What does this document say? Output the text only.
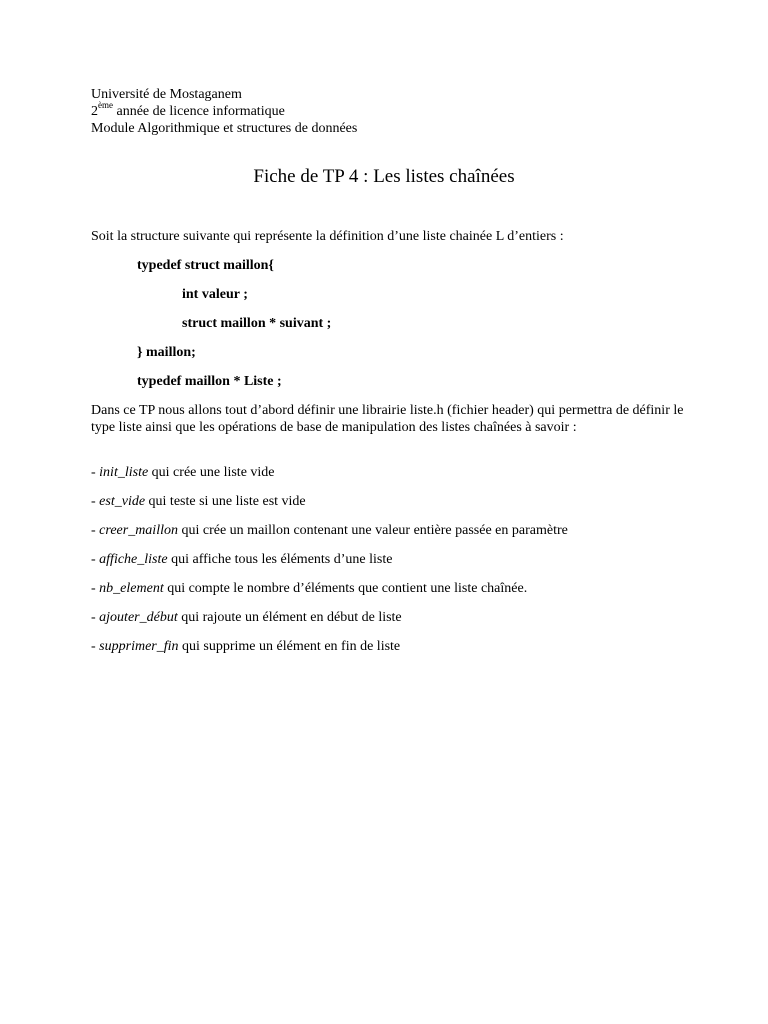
Université de Mostaganem
2ème année de licence informatique
Module Algorithmique et structures de données
Fiche de TP 4 : Les listes chaînées
Soit la structure suivante qui représente la définition d’une liste chainée L d’entiers :
typedef struct maillon{
int valeur ;
struct maillon * suivant ;
} maillon;
typedef maillon * Liste ;
Dans ce TP nous allons tout d’abord définir une librairie liste.h (fichier header) qui permettra de définir le type liste ainsi que les opérations de base de manipulation des listes chaînées à savoir :
- init_liste qui crée une liste vide
- est_vide qui teste si une liste est vide
- creer_maillon qui crée un maillon contenant une valeur entière passée en paramètre
- affiche_liste qui affiche tous les éléments d’une liste
- nb_element qui compte le nombre d’éléments que contient une liste chaînée.
- ajouter_début qui rajoute un élément en début de liste
- supprimer_fin qui supprime un élément en fin de liste
